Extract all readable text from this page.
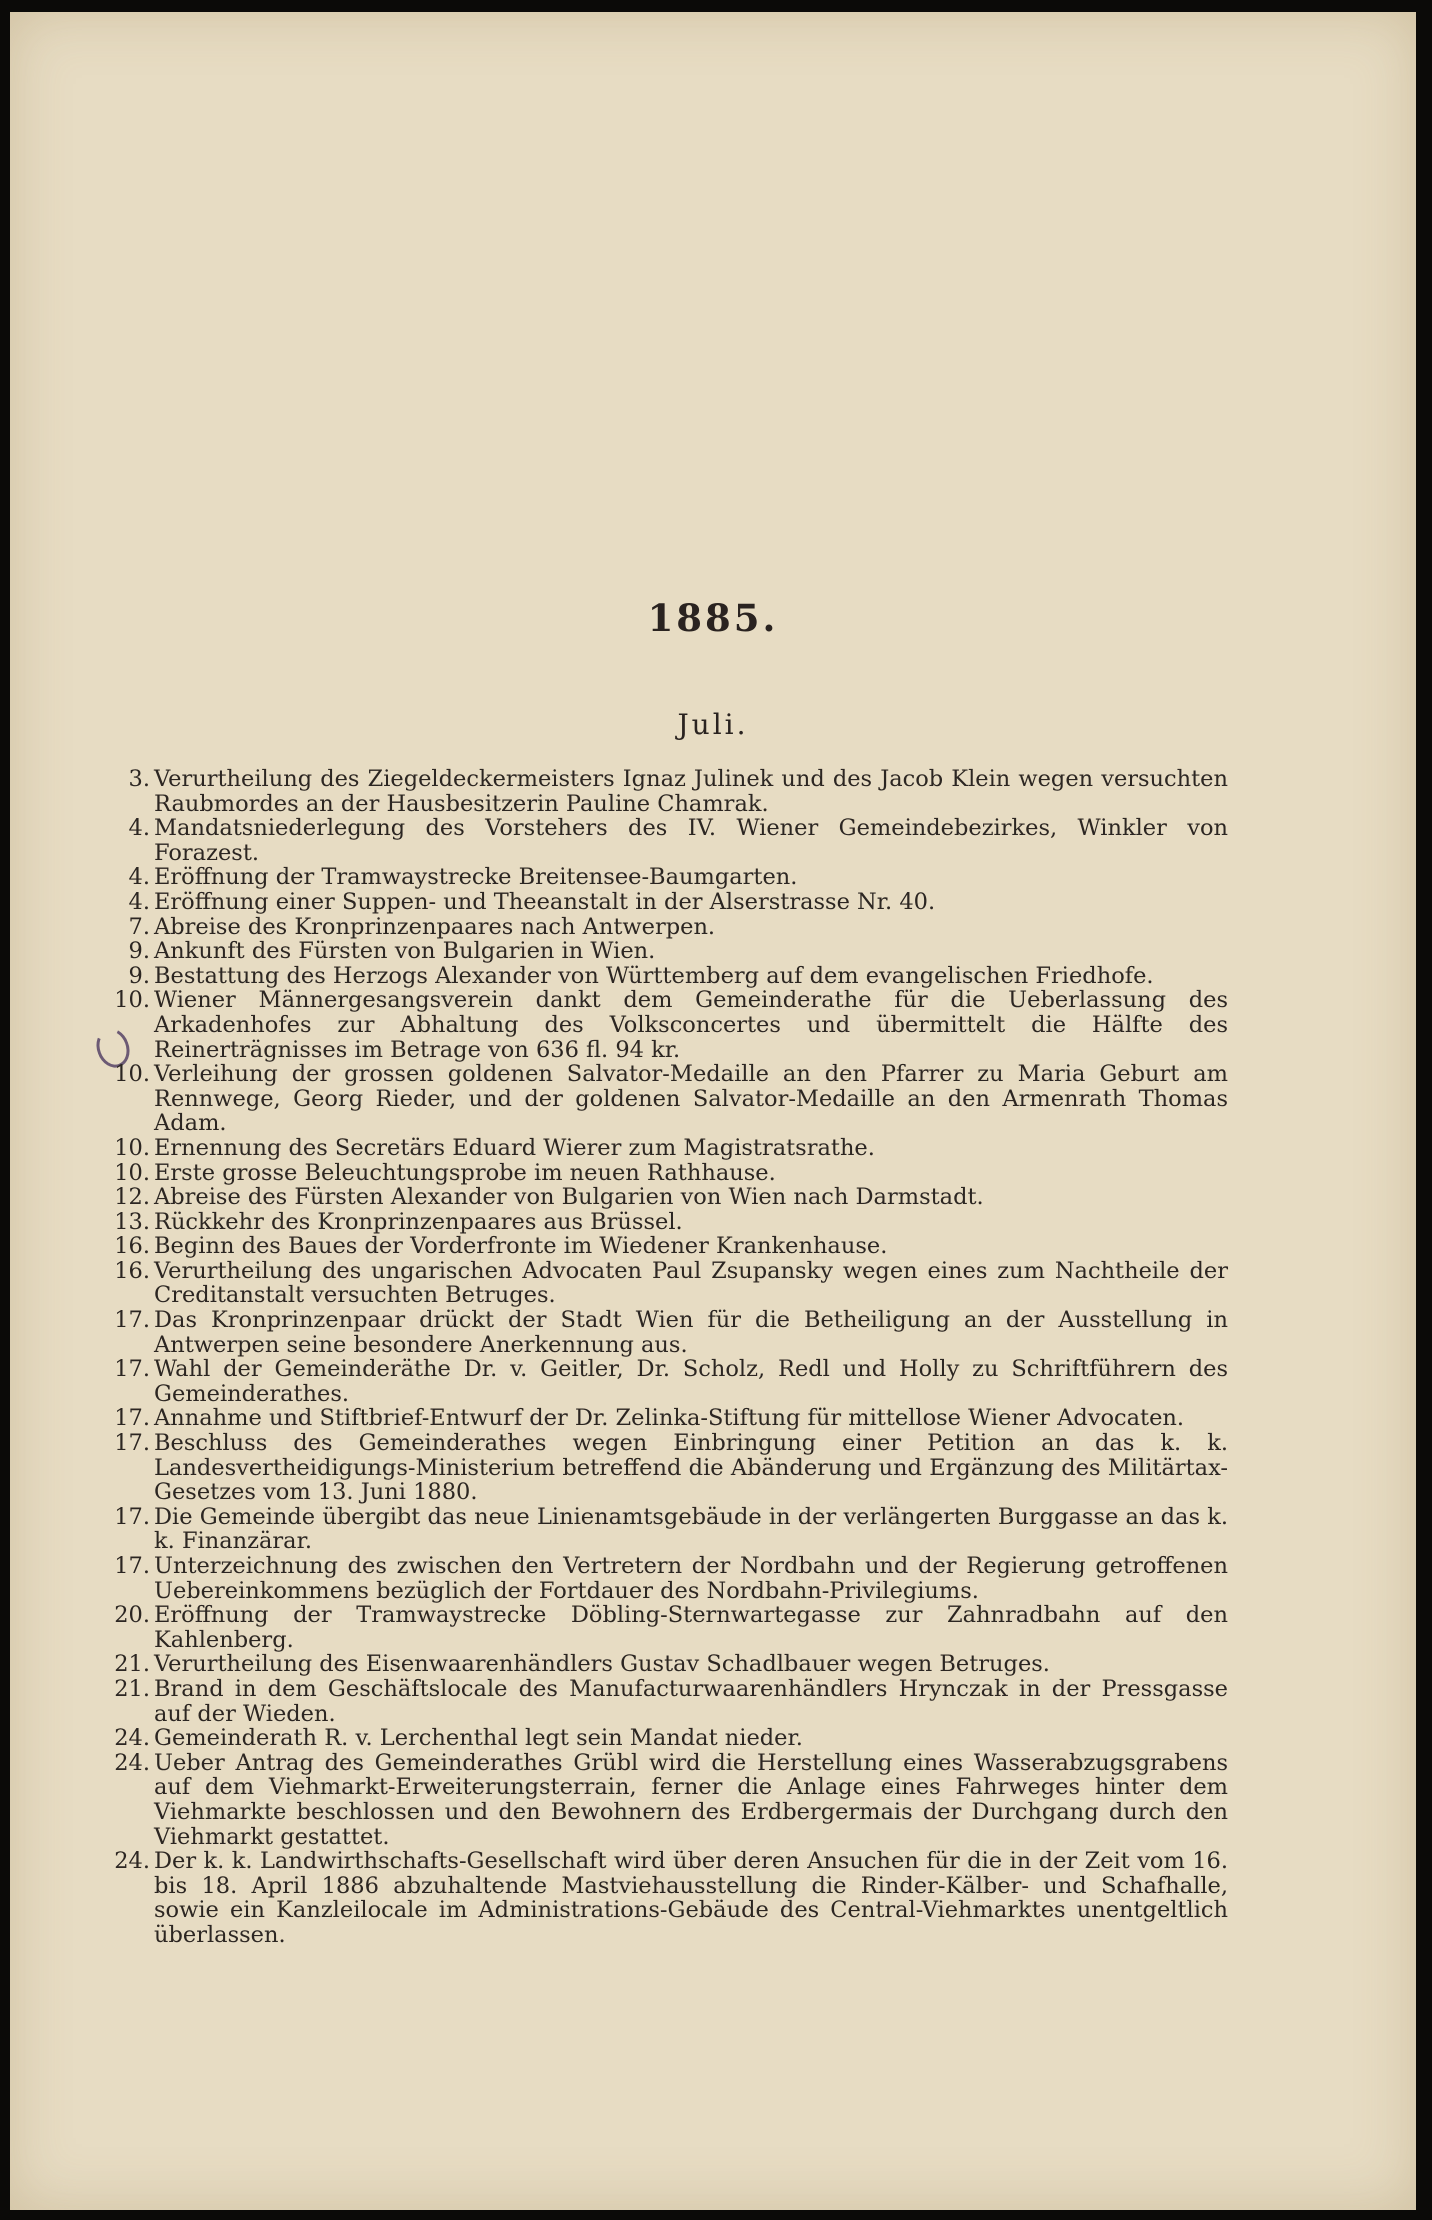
1885.
Juli.
3. Verurtheilung des Ziegeldeckermeisters Ignaz Julinek und des Jacob Klein wegen versuchten Raubmordes an der Hausbesitzerin Pauline Chamrak.
4. Mandatsniederlegung des Vorstehers des IV. Wiener Gemeindebezirkes, Winkler von Forazest.
4. Eröffnung der Tramwaystrecke Breitensee-Baumgarten.
4. Eröffnung einer Suppen- und Theeanstalt in der Alserstrasse Nr. 40.
7. Abreise des Kronprinzenpaares nach Antwerpen.
9. Ankunft des Fürsten von Bulgarien in Wien.
9. Bestattung des Herzogs Alexander von Württemberg auf dem evangelischen Friedhofe.
10. Wiener Männergesangsverein dankt dem Gemeinderathe für die Ueberlassung des Arkadenhofes zur Abhaltung des Volksconcertes und übermittelt die Hälfte des Reinerträgnisses im Betrage von 636 fl. 94 kr.
10. Verleihung der grossen goldenen Salvator-Medaille an den Pfarrer zu Maria Geburt am Rennwege, Georg Rieder, und der goldenen Salvator-Medaille an den Armenrath Thomas Adam.
10. Ernennung des Secretärs Eduard Wierer zum Magistratsrathe.
10. Erste grosse Beleuchtungsprobe im neuen Rathhause.
12. Abreise des Fürsten Alexander von Bulgarien von Wien nach Darmstadt.
13. Rückkehr des Kronprinzenpaares aus Brüssel.
16. Beginn des Baues der Vorderfronte im Wiedener Krankenhause.
16. Verurtheilung des ungarischen Advocaten Paul Zsupansky wegen eines zum Nachtheile der Creditanstalt versuchten Betruges.
17. Das Kronprinzenpaar drückt der Stadt Wien für die Betheiligung an der Ausstellung in Antwerpen seine besondere Anerkennung aus.
17. Wahl der Gemeinderäthe Dr. v. Geitler, Dr. Scholz, Redl und Holly zu Schriftführern des Gemeinderathes.
17. Annahme und Stiftbrief-Entwurf der Dr. Zelinka-Stiftung für mittellose Wiener Advocaten.
17. Beschluss des Gemeinderathes wegen Einbringung einer Petition an das k. k. Landesvertheidigungs-Ministerium betreffend die Abänderung und Ergänzung des Militärtax-Gesetzes vom 13. Juni 1880.
17. Die Gemeinde übergibt das neue Linienamtsgebäude in der verlängerten Burggasse an das k. k. Finanzärar.
17. Unterzeichnung des zwischen den Vertretern der Nordbahn und der Regierung getroffenen Uebereinkommens bezüglich der Fortdauer des Nordbahn-Privilegiums.
20. Eröffnung der Tramwaystrecke Döbling-Sternwartegasse zur Zahnradbahn auf den Kahlenberg.
21. Verurtheilung des Eisenwaarenhändlers Gustav Schadlbauer wegen Betruges.
21. Brand in dem Geschäftslocale des Manufacturwaarenhändlers Hrynczak in der Pressgasse auf der Wieden.
24. Gemeinderath R. v. Lerchenthal legt sein Mandat nieder.
24. Ueber Antrag des Gemeinderathes Grübl wird die Herstellung eines Wasserabzugsgrabens auf dem Viehmarkt-Erweiterungsterrain, ferner die Anlage eines Fahrweges hinter dem Viehmarkte beschlossen und den Bewohnern des Erdbergermais der Durchgang durch den Viehmarkt gestattet.
24. Der k. k. Landwirthschafts-Gesellschaft wird über deren Ansuchen für die in der Zeit vom 16. bis 18. April 1886 abzuhaltende Mastviehausstellung die Rinder-Kälber- und Schafhalle, sowie ein Kanzleilocale im Administrations-Gebäude des Central-Viehmarktes unentgeltlich überlassen.
